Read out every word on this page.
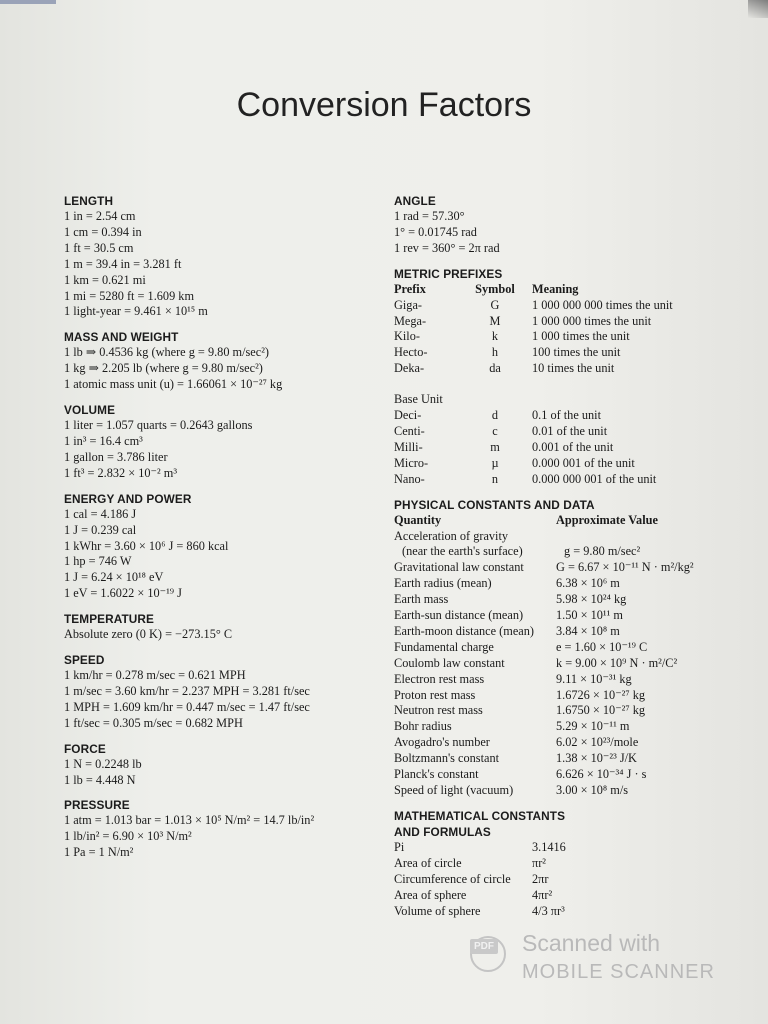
Conversion Factors
LENGTH
1 in = 2.54 cm
1 cm = 0.394 in
1 ft = 30.5 cm
1 m = 39.4 in = 3.281 ft
1 km = 0.621 mi
1 mi = 5280 ft = 1.609 km
1 light-year = 9.461 × 10¹⁵ m
MASS AND WEIGHT
1 lb ⇒ 0.4536 kg (where g = 9.80 m/sec²)
1 kg ⇒ 2.205 lb (where g = 9.80 m/sec²)
1 atomic mass unit (u) = 1.66061 × 10⁻²⁷ kg
VOLUME
1 liter = 1.057 quarts = 0.2643 gallons
1 in³ = 16.4 cm³
1 gallon = 3.786 liter
1 ft³ = 2.832 × 10⁻² m³
ENERGY AND POWER
1 cal = 4.186 J
1 J = 0.239 cal
1 kWhr = 3.60 × 10⁶ J = 860 kcal
1 hp = 746 W
1 J = 6.24 × 10¹⁸ eV
1 eV = 1.6022 × 10⁻¹⁹ J
TEMPERATURE
Absolute zero (0 K) = −273.15° C
SPEED
1 km/hr = 0.278 m/sec = 0.621 MPH
1 m/sec = 3.60 km/hr = 2.237 MPH = 3.281 ft/sec
1 MPH = 1.609 km/hr = 0.447 m/sec = 1.47 ft/sec
1 ft/sec = 0.305 m/sec = 0.682 MPH
FORCE
1 N = 0.2248 lb
1 lb = 4.448 N
PRESSURE
1 atm = 1.013 bar = 1.013 × 10⁵ N/m² = 14.7 lb/in²
1 lb/in² = 6.90 × 10³ N/m²
1 Pa = 1 N/m²
ANGLE
1 rad = 57.30°
1° = 0.01745 rad
1 rev = 360° = 2π rad
METRIC PREFIXES
Prefix	Symbol	Meaning
Giga-	G	1 000 000 000 times the unit
Mega-	M	1 000 000 times the unit
Kilo-	k	1 000 times the unit
Hecto-	h	100 times the unit
Deka-	da	10 times the unit
Base Unit
Deci-	d	0.1 of the unit
Centi-	c	0.01 of the unit
Milli-	m	0.001 of the unit
Micro-	µ	0.000 001 of the unit
Nano-	n	0.000 000 001 of the unit
PHYSICAL CONSTANTS AND DATA
Quantity	Approximate Value
Acceleration of gravity
(near the earth's surface)	g = 9.80 m/sec²
Gravitational law constant	G = 6.67 × 10⁻¹¹ N · m²/kg²
Earth radius (mean)	6.38 × 10⁶ m
Earth mass	5.98 × 10²⁴ kg
Earth-sun distance (mean)	1.50 × 10¹¹ m
Earth-moon distance (mean)	3.84 × 10⁸ m
Fundamental charge	e = 1.60 × 10⁻¹⁹ C
Coulomb law constant	k = 9.00 × 10⁹ N · m²/C²
Electron rest mass	9.11 × 10⁻³¹ kg
Proton rest mass	1.6726 × 10⁻²⁷ kg
Neutron rest mass	1.6750 × 10⁻²⁷ kg
Bohr radius	5.29 × 10⁻¹¹ m
Avogadro's number	6.02 × 10²³/mole
Boltzmann's constant	1.38 × 10⁻²³ J/K
Planck's constant	6.626 × 10⁻³⁴ J · s
Speed of light (vacuum)	3.00 × 10⁸ m/s
MATHEMATICAL CONSTANTS
AND FORMULAS
Pi	3.1416
Area of circle	πr²
Circumference of circle	2πr
Area of sphere	4πr²
Volume of sphere	4/3 πr³
PDF Scanned with
MOBILE SCANNER
